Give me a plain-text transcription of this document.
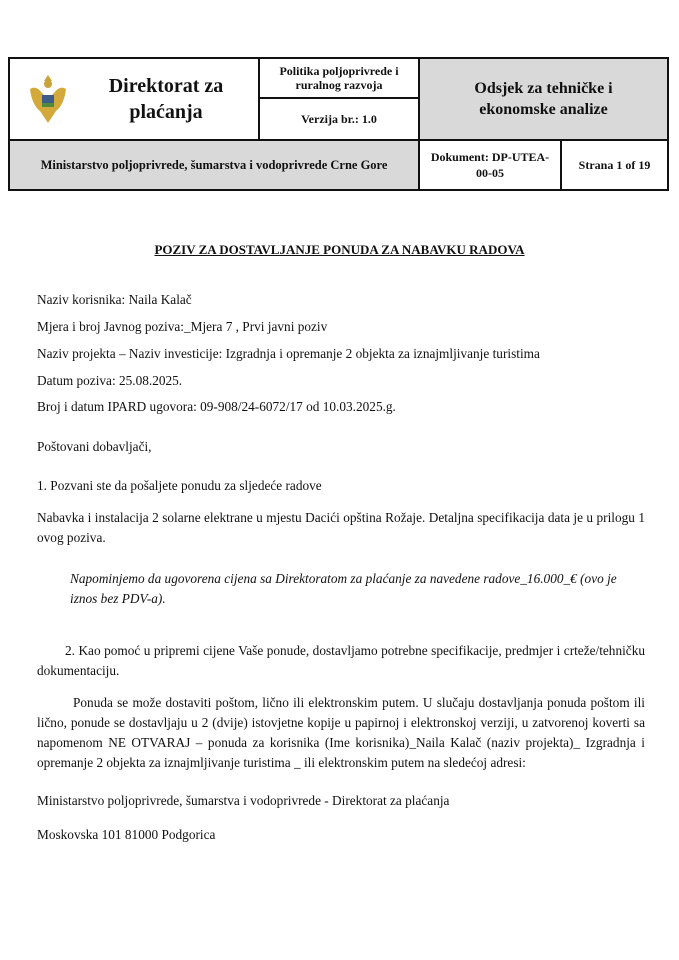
Direktorat za plaćanja
Politika poljoprivrede i ruralnog razvoja
Verzija br.: 1.0
Odsjek za tehničke i ekonomske analize
Ministarstvo poljoprivrede, šumarstva i vodoprivrede Crne Gore
Dokument: DP-UTEA-00-05
Strana 1 of 19
POZIV ZA DOSTAVLJANJE PONUDA ZA NABAVKU RADOVA
Naziv korisnika: Naila Kalač
Mjera i broj Javnog poziva:_Mjera 7 , Prvi javni poziv
Naziv projekta – Naziv investicije: Izgradnja i opremanje 2 objekta za iznajmljivanje turistima
Datum poziva: 25.08.2025.
Broj i datum IPARD ugovora: 09-908/24-6072/17 od 10.03.2025.g.
Poštovani dobavljači,
1. Pozvani ste da pošaljete ponudu za sljedeće radove

Nabavka i instalacija 2 solarne elektrane u mjestu Dacići opština Rožaje. Detaljna specifikacija data je u prilogu 1 ovog poziva.

Napominjemo da ugovorena cijena sa Direktoratom za plaćanje za navedene radove_16.000_€ (ovo je iznos bez PDV-a).

2. Kao pomoć u pripremi cijene Vaše ponude, dostavljamo potrebne specifikacije, predmjer i crteže/tehničku dokumentaciju.

Ponuda se može dostaviti poštom, lično ili elektronskim putem. U slučaju dostavljanja ponuda poštom ili lično, ponude se dostavljaju u 2 (dvije) istovjetne kopije u papirnoj i elektronskoj verziji, u zatvorenoj koverti sa napomenom NE OTVARAJ – ponuda za korisnika (Ime korisnika)_Naila Kalač (naziv projekta)_ Izgradnja i opremanje 2 objekta za iznajmljivanje turistima _ ili elektronskim putem na sledećoj adresi:

Ministarstvo poljoprivrede, šumarstva i vodoprivrede - Direktorat za plaćanja
Moskovska 101 81000 Podgorica
